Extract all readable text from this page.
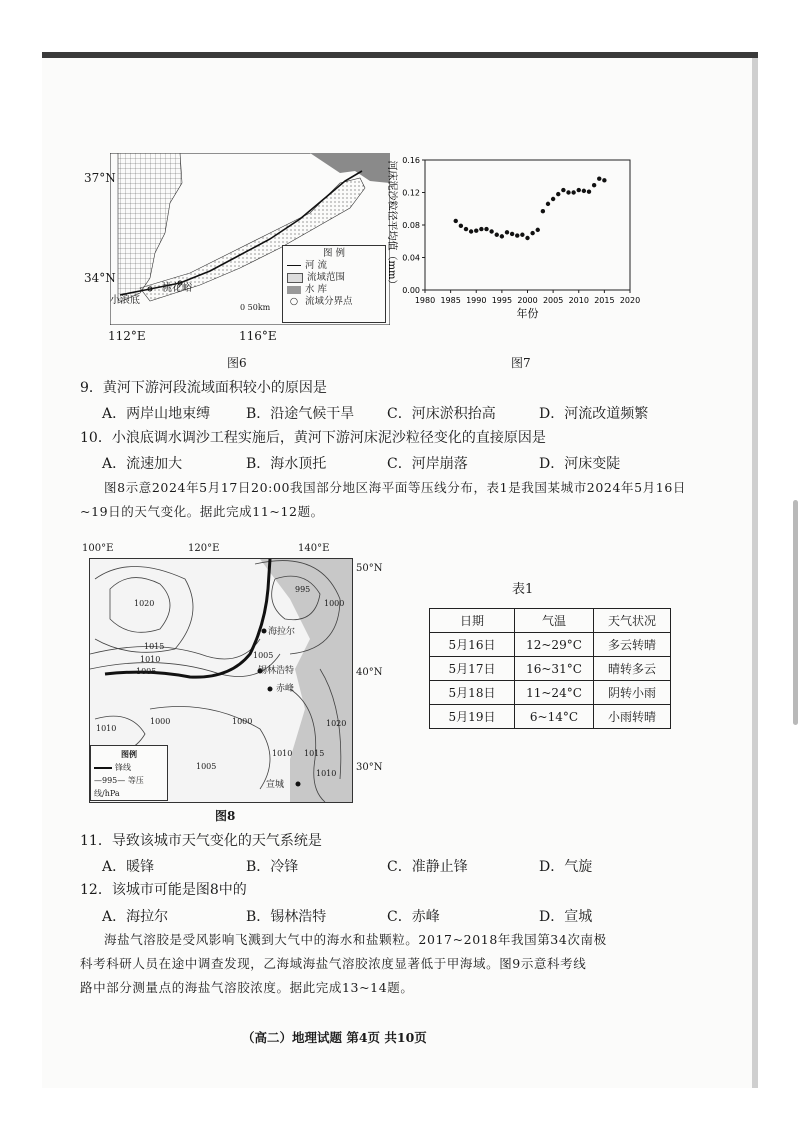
37°N
34°N
小浪底
桃花峪
0 50km
图 例
河 流
流域范围
水 库
○ 流域分界点
112°E	116°E
图6
1980 1985 1990 1995 2000 2005 2010 2015 2020
0.00
0.04
0.08
0.12
0.16
年份
河床泥沙粒径平均值（mm）
图7
9．黄河下游河段流域面积较小的原因是
A．两岸山地束缚	B．沿途气候干旱 C．河床淤积抬高	D．河流改道频繁
10．小浪底调水调沙工程实施后，黄河下游河床泥沙粒径变化的直接原因是
A．流速加大	B．海水顶托	C．河岸崩落	D．河床变陡
图8示意2024年5月17日20:00我国部分地区海平面等压线分布，表1是我国某城市2024年5月16日~19日的天气变化。据此完成11~12题。
100°E	120°E	140°E
50°N
40°N
30°N
1020
1015
1010
1005
1000
995
1000
1005
1010
1005
1000
1010 1015
1020
1010
海拉尔
锡林浩特
赤峰
宣城
图例
锋线
—995— 等压线/hPa
图8
表1
日期	气温	天气状况
5月16日	12~29°C	多云转晴
5月17日	16~31°C	晴转多云
5月18日	11~24°C	阴转小雨
5月19日	6~14°C	小雨转晴
11．导致该城市天气变化的天气系统是
A．暖锋	B．冷锋	C．准静止锋	D．气旋
12．该城市可能是图8中的
A．海拉尔	B．锡林浩特	C．赤峰	D．宣城
海盐气溶胶是受风影响飞溅到大气中的海水和盐颗粒。2017~2018年我国第34次南极
科考科研人员在途中调查发现，乙海域海盐气溶胶浓度显著低于甲海域。图9示意科考线
路中部分测量点的海盐气溶胶浓度。据此完成13~14题。
（高二）地理试题 第4页 共10页
